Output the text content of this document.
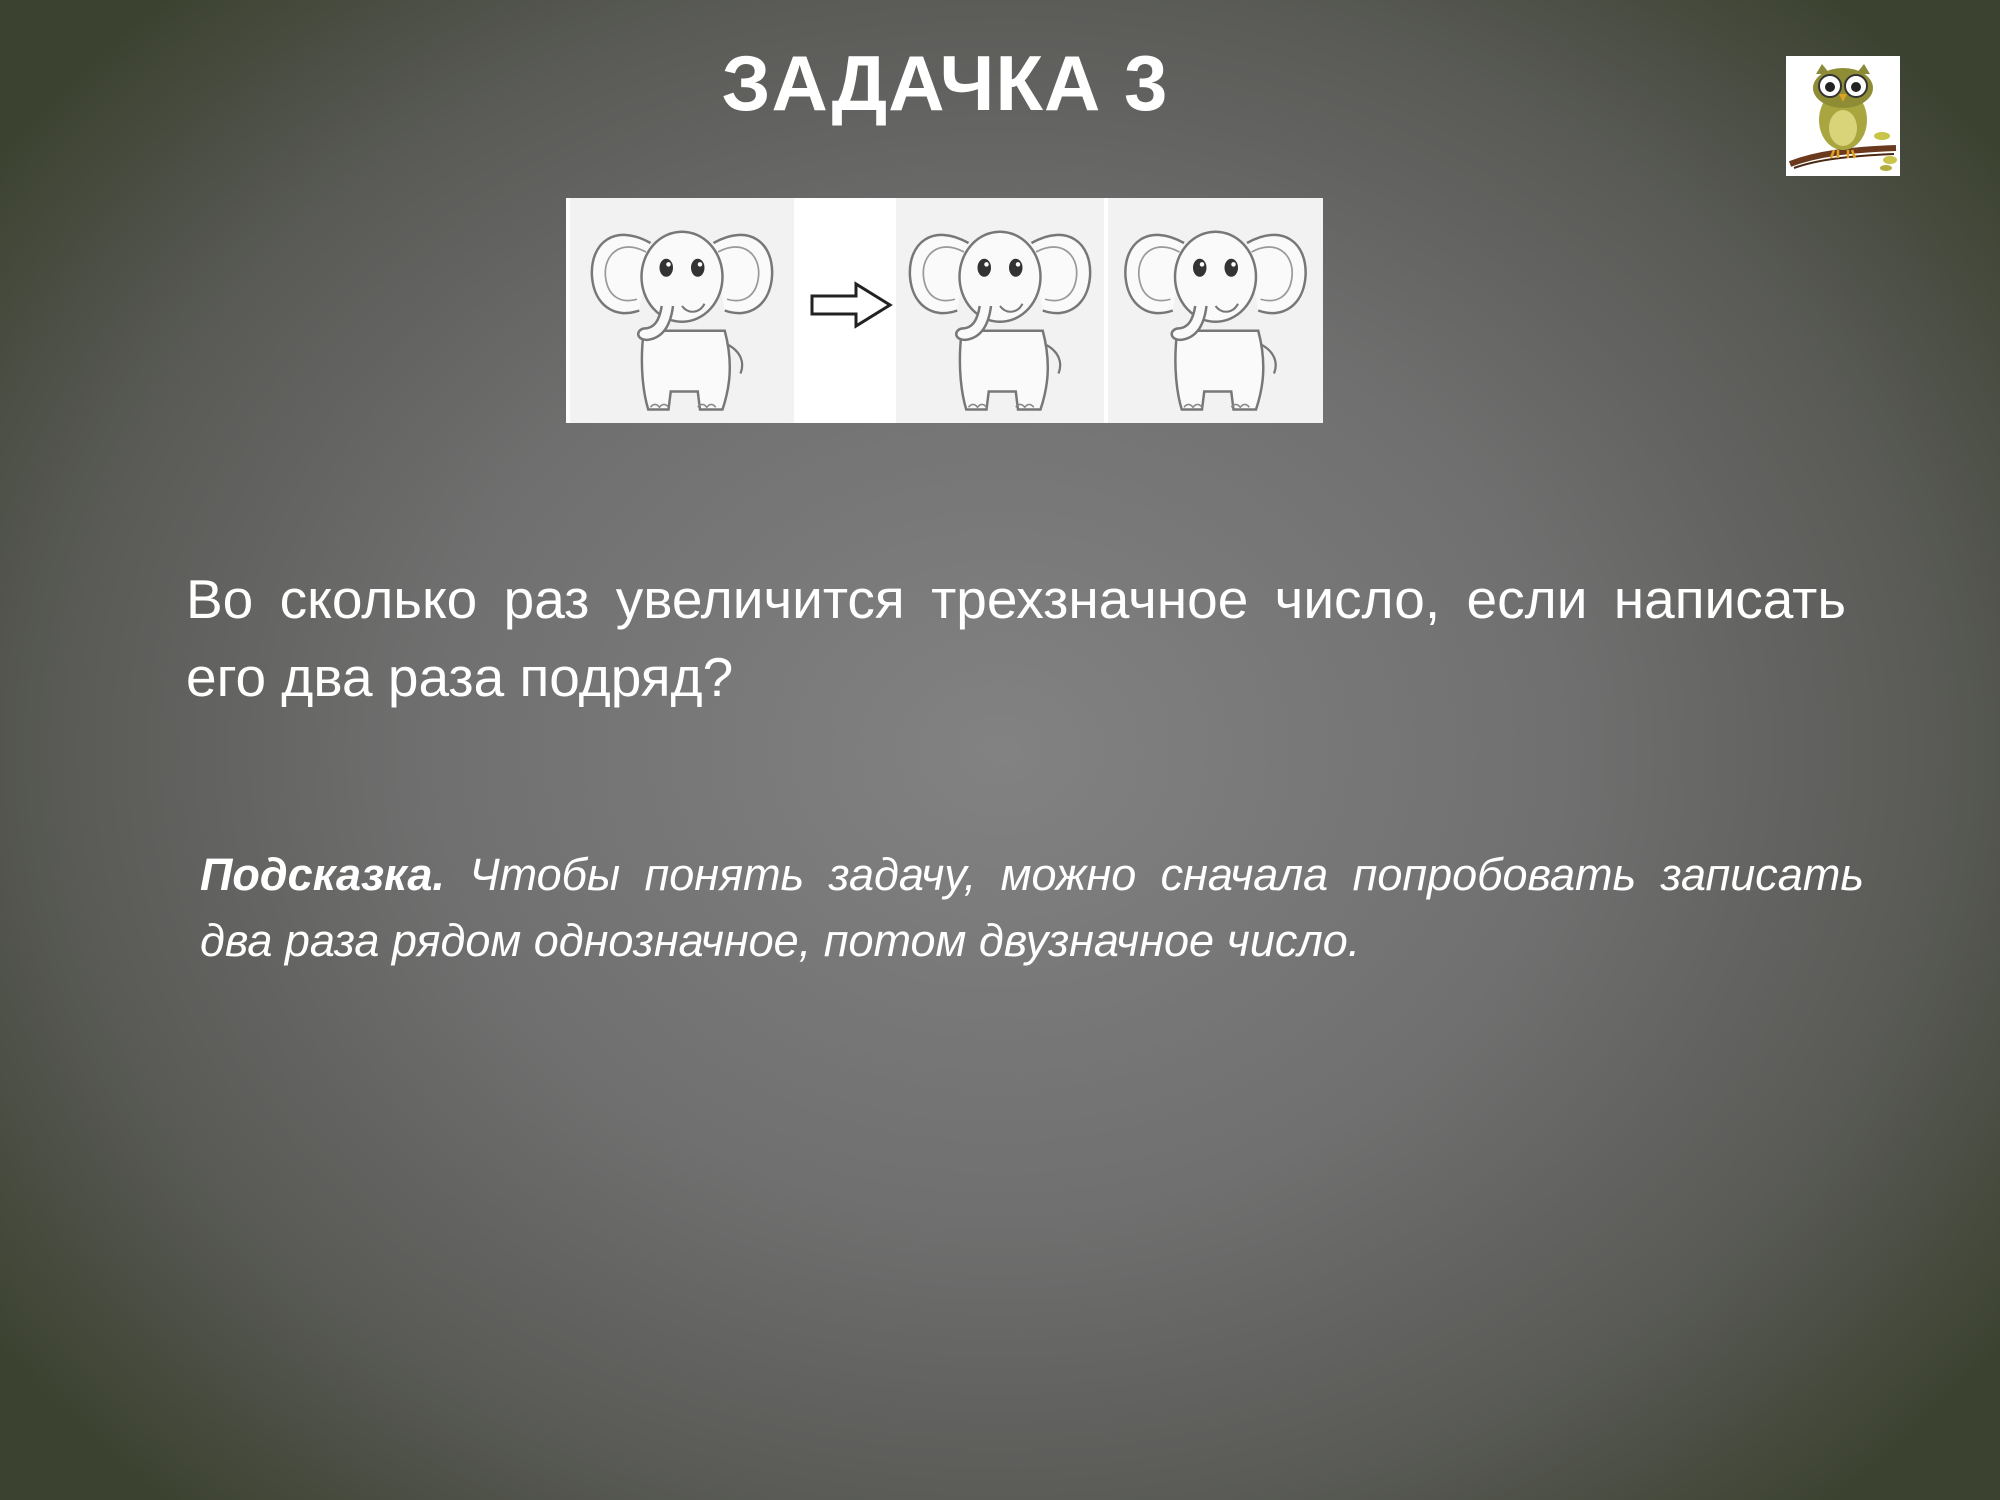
ЗАДАЧКА 3
Во сколько раз увеличится трехзначное число, если написать его два раза подряд?
Подсказка. Чтобы понять задачу, можно сначала попробовать записать два раза рядом однозначное, потом двузначное число.
